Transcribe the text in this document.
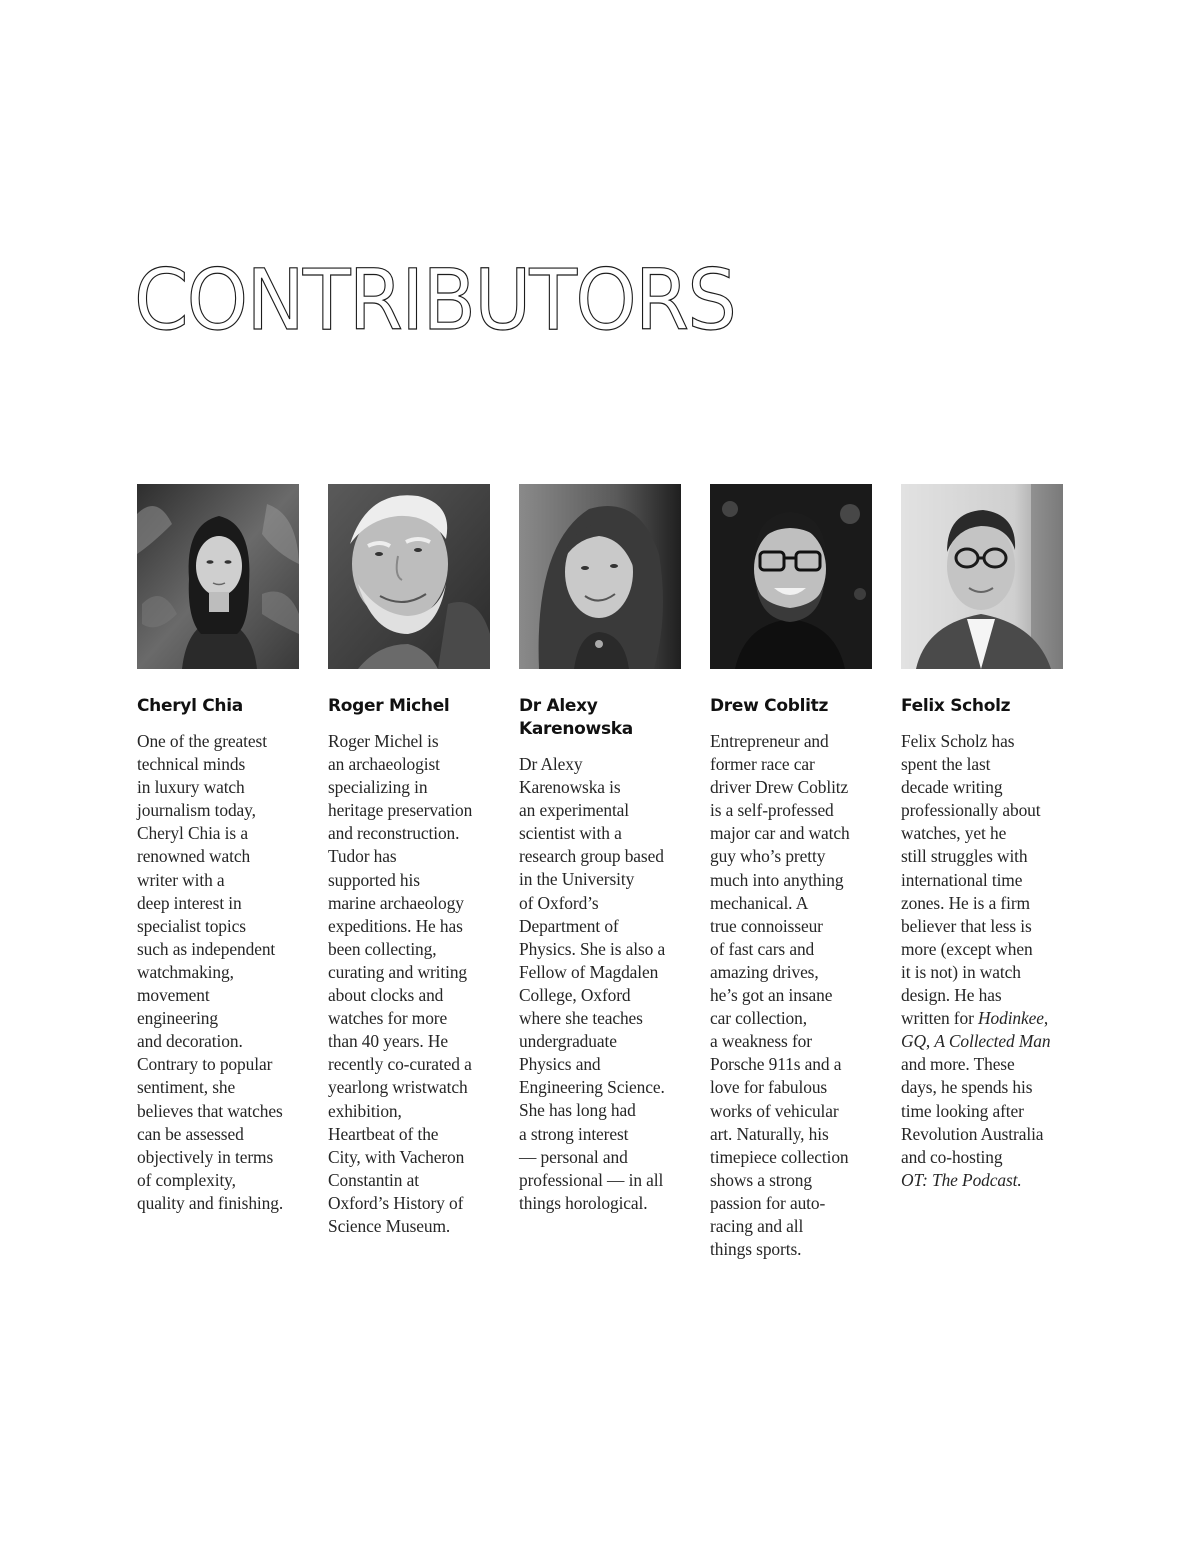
CONTRIBUTORS
Cheryl Chia

One of the greatest
technical minds
in luxury watch
journalism today,
Cheryl Chia is a
renowned watch
writer with a
deep interest in
specialist topics
such as independent
watchmaking,
movement
engineering
and decoration.
Contrary to popular
sentiment, she
believes that watches
can be assessed
objectively in terms
of complexity,
quality and finishing.

Roger Michel

Roger Michel is
an archaeologist
specializing in
heritage preservation
and reconstruction.
Tudor has
supported his
marine archaeology
expeditions. He has
been collecting,
curating and writing
about clocks and
watches for more
than 40 years. He
recently co-curated a
yearlong wristwatch
exhibition,
Heartbeat of the
City, with Vacheron
Constantin at
Oxford’s History of
Science Museum.

Dr Alexy Karenowska

Dr Alexy
Karenowska is
an experimental
scientist with a
research group based
in the University
of Oxford’s
Department of
Physics. She is also a
Fellow of Magdalen
College, Oxford
where she teaches
undergraduate
Physics and
Engineering Science.
She has long had
a strong interest
— personal and
professional — in all
things horological.

Drew Coblitz

Entrepreneur and
former race car
driver Drew Coblitz
is a self-professed
major car and watch
guy who’s pretty
much into anything
mechanical. A
true connoisseur
of fast cars and
amazing drives,
he’s got an insane
car collection,
a weakness for
Porsche 911s and a
love for fabulous
works of vehicular
art. Naturally, his
timepiece collection
shows a strong
passion for auto-
racing and all
things sports.

Felix Scholz

Felix Scholz has
spent the last
decade writing
professionally about
watches, yet he
still struggles with
international time
zones. He is a firm
believer that less is
more (except when
it is not) in watch
design. He has
written for Hodinkee,
GQ, A Collected Man
and more. These
days, he spends his
time looking after
Revolution Australia
and co-hosting
OT: The Podcast.
